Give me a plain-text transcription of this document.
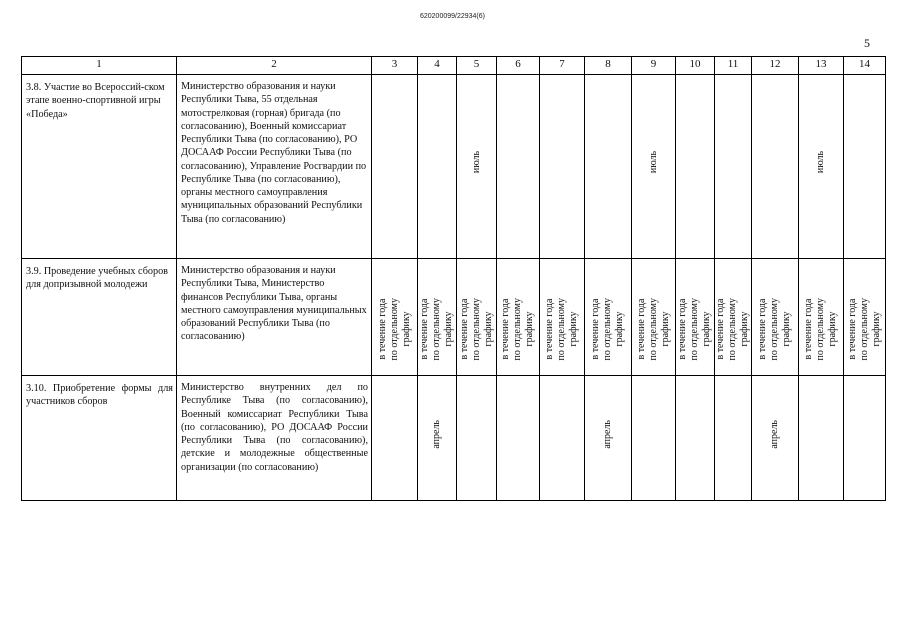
620200099/22934(6)
5
1	2	3	4	5	6	7	8	9	10	11	12	13	14
3.8. Участие во Всероссий-ском этапе военно-спортивной игры «Победа»	Министерство образования и науки Республики Тыва, 55 отдельная мотострелковая (горная) бригада (по согласованию), Военный комиссариат Республики Тыва (по согласованию), РО ДОСААФ России Республики Тыва (по согласованию), Управление Росгвардии по Республике Тыва (по согласованию), органы местного самоуправления муниципальных образований Республики Тыва (по согласованию)			июль				июль				июль	

3.9. Проведение учебных сборов для допризывной молодежи	Министерство образования и науки Республики Тыва, Министерство финансов Республики Тыва, органы местного самоуправления муниципальных образований Республики Тыва (по согласованию)	в течение года
по отдельному
графику	в течение года
по отдельному
графику	в течение года
по отдельному
графику	в течение года
по отдельному
графику	в течение года
по отдельному
графику	в течение года
по отдельному
графику	в течение года
по отдельному
графику	в течение года
по отдельному
графику	в течение года
по отдельному
графику	в течение года
по отдельному
графику	в течение года
по отдельному
графику	в течение года
по отдельному
графику

3.10. Приобретение формы для участников сборов	Министерство внутренних дел по Республике Тыва (по согласованию), Военный комиссариат Республики Тыва (по согласованию), РО ДОСААФ России Республики Тыва (по согласованию), детские и молодежные общественные организации (по согласованию)		апрель				апрель				апрель		
